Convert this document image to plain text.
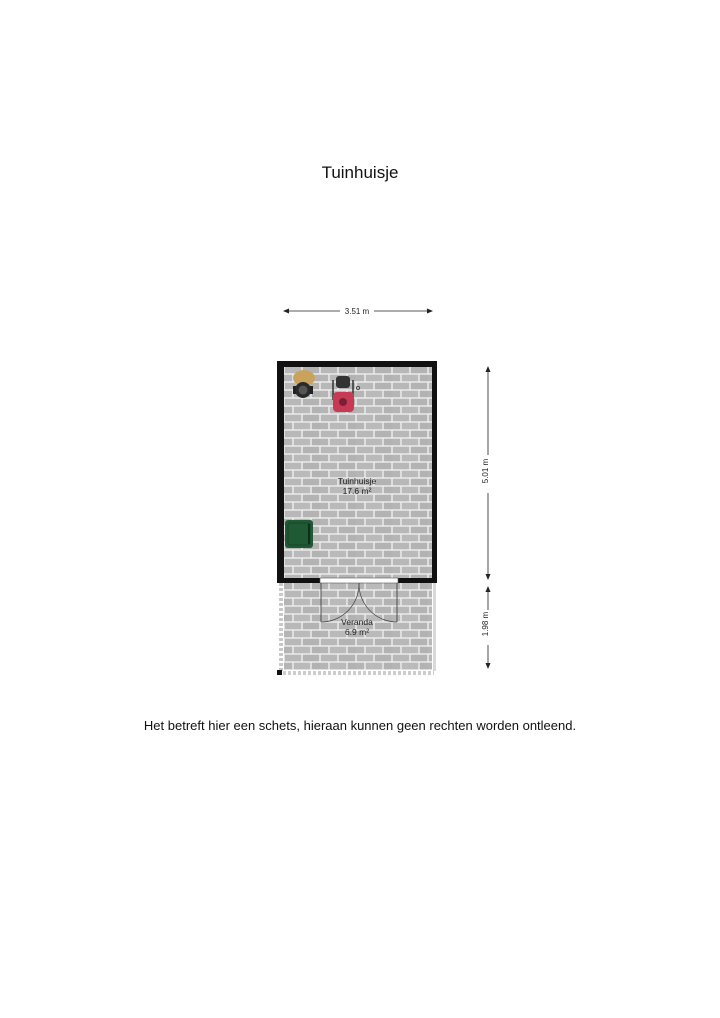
Tuinhuisje
3.51 m
5.01 m
1.98 m
Tuinhuisje
17.6 m²
Veranda
6.9 m²
Het betreft hier een schets, hieraan kunnen geen rechten worden ontleend.
